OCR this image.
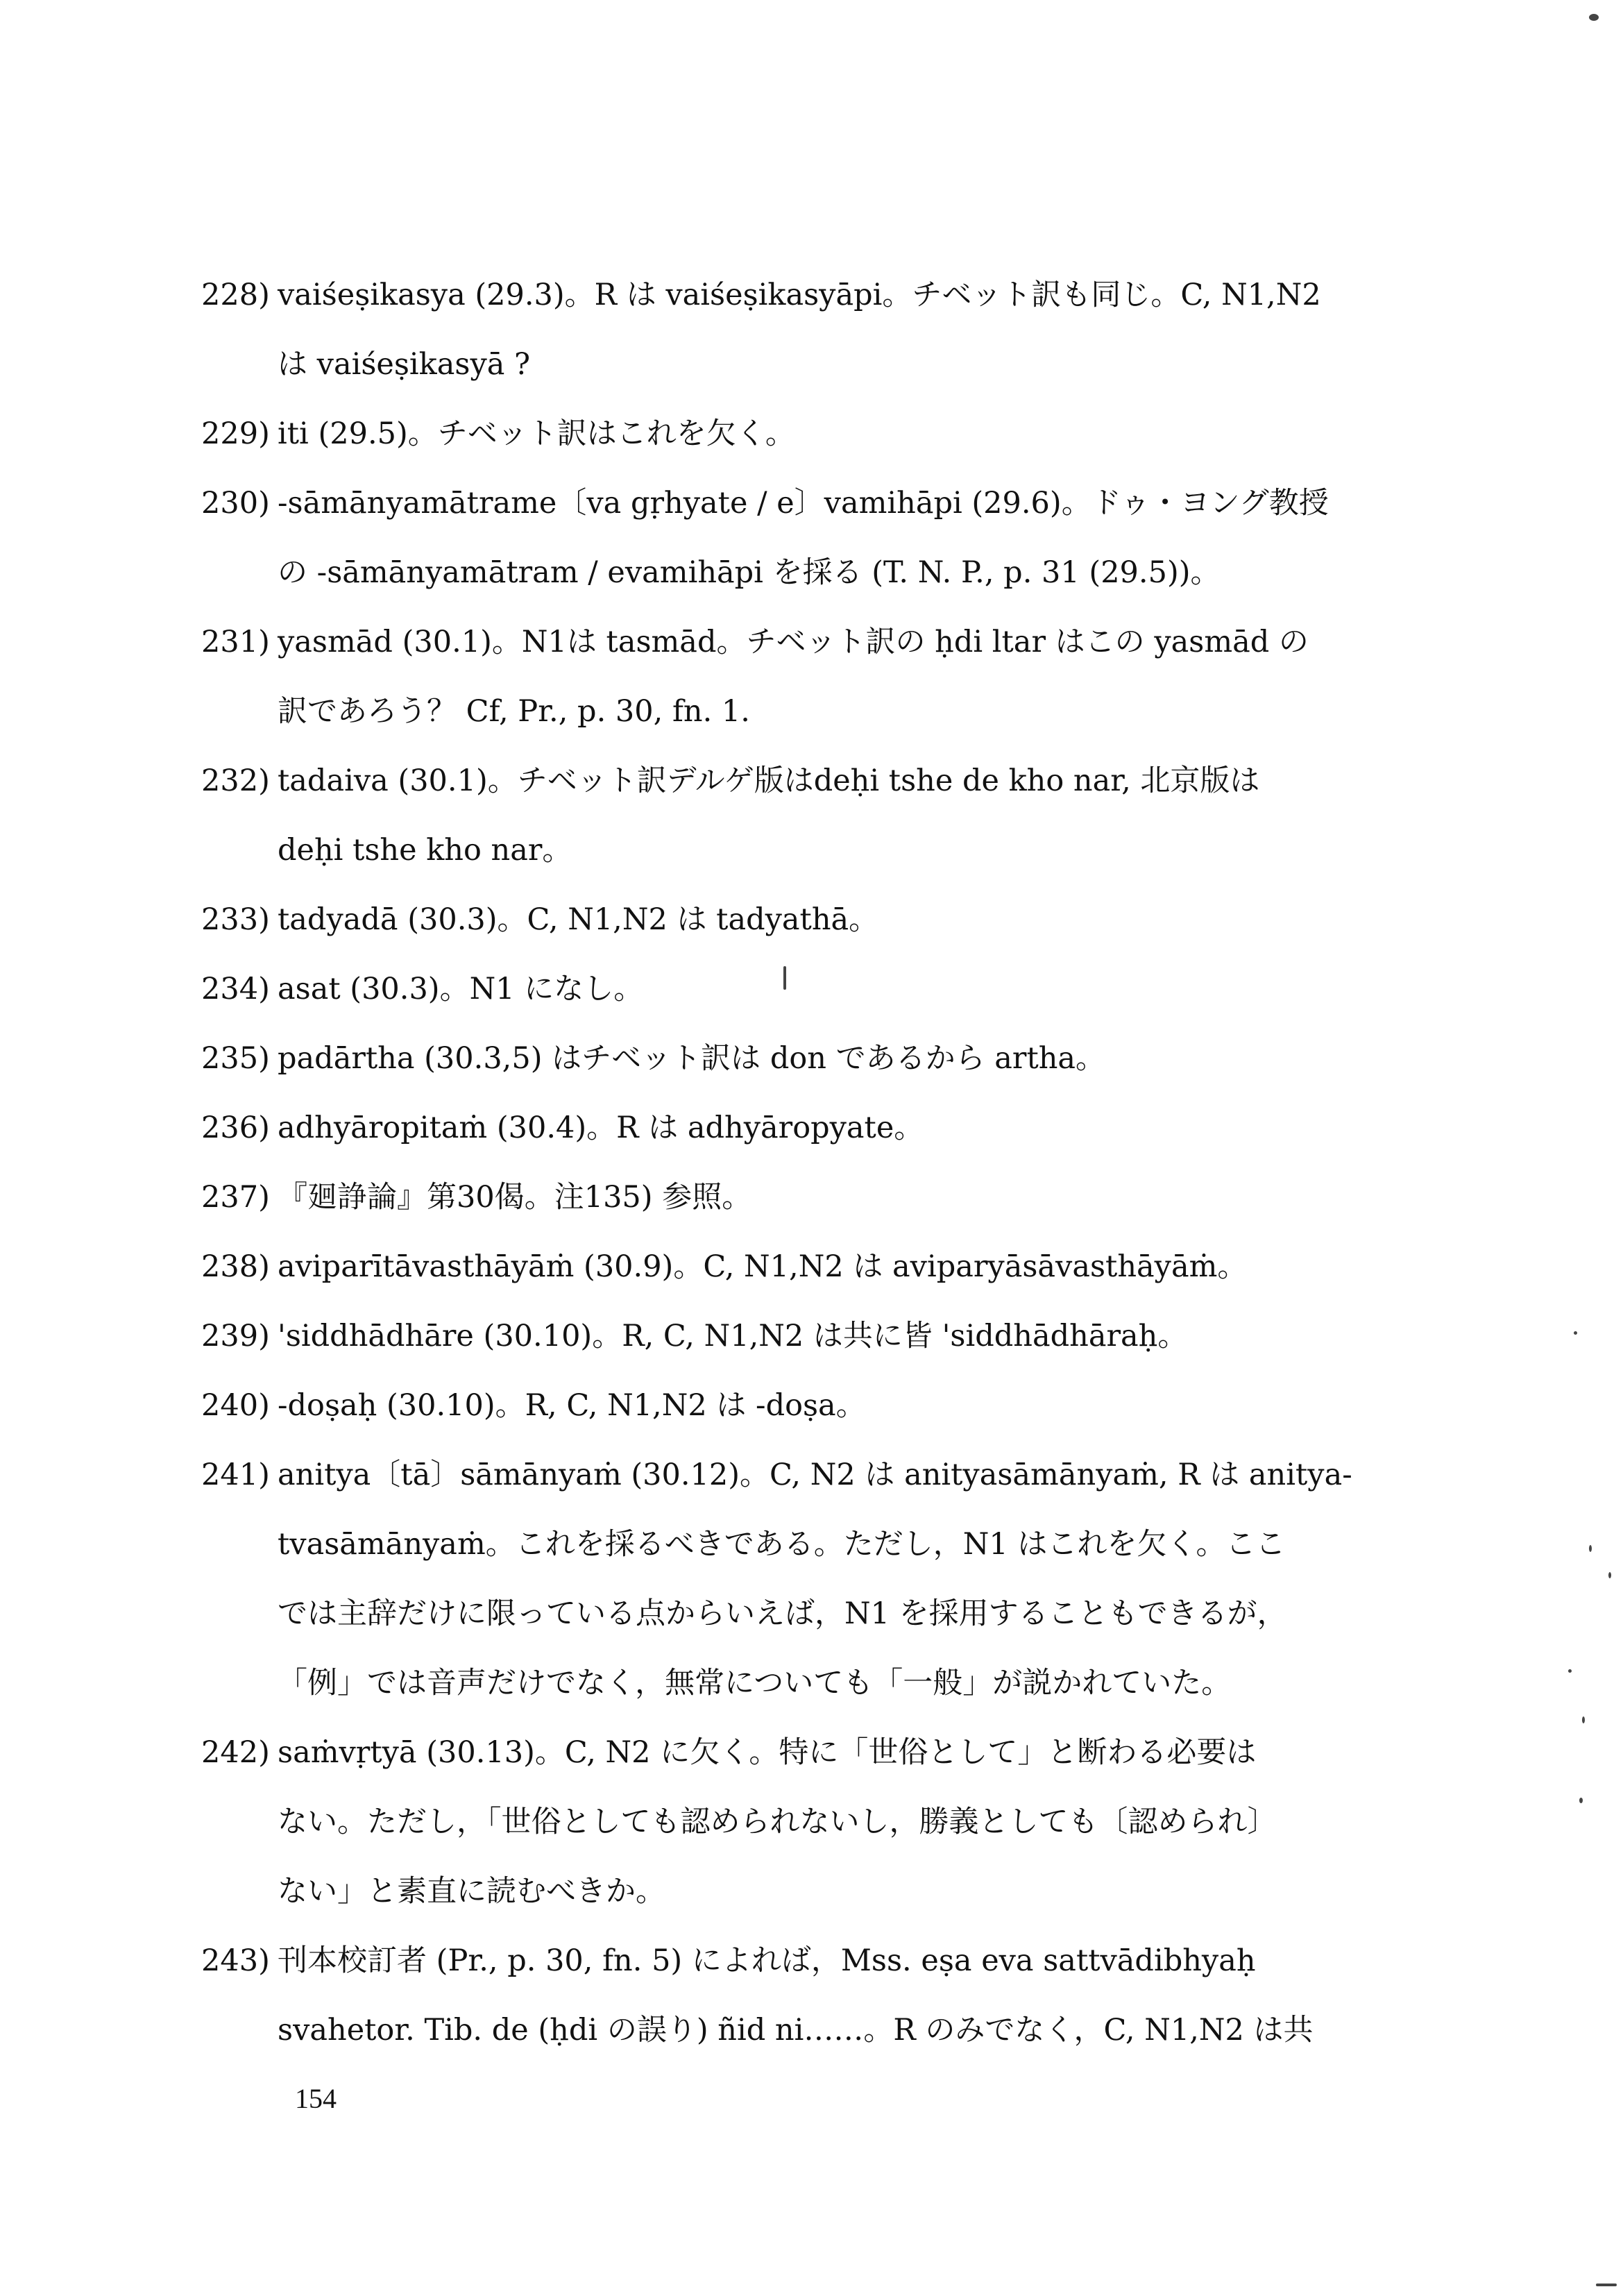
228) vaiśeṣikasya (29.3)。R は vaiśeṣikasyāpi。チベット訳も同じ。C, N1,N2
は vaiśeṣikasyā ?
229) iti (29.5)。チベット訳はこれを欠く。
230) -sāmānyamātrame〔va gṛhyate / e〕vamihāpi (29.6)。ドゥ・ヨング教授
の -sāmānyamātram / evamihāpi を採る (T. N. P., p. 31 (29.5))。
231) yasmād (30.1)。N1は tasmād。チベット訳の ḥdi ltar はこの yasmād の
訳であろう？ Cf, Pr., p. 30, fn. 1.
232) tadaiva (30.1)。チベット訳デルゲ版はdeḥi tshe de kho nar, 北京版は
deḥi tshe kho nar。
233) tadyadā (30.3)。C, N1,N2 は tadyathā。
234) asat (30.3)。N1 になし。
235) padārtha (30.3,5) はチベット訳は don であるから artha。
236) adhyāropitaṁ (30.4)。R は adhyāropyate。
237) 『廻諍論』第30偈。注135) 参照。
238) aviparītāvasthāyāṁ (30.9)。C, N1,N2 は aviparyāsāvasthāyāṁ。
239) 'siddhādhāre (30.10)。R, C, N1,N2 は共に皆 'siddhādhāraḥ。
240) -doṣaḥ (30.10)。R, C, N1,N2 は -doṣa。
241) anitya〔tā〕sāmānyaṁ (30.12)。C, N2 は anityasāmānyaṁ, R は anitya-
tvasāmānyaṁ。これを採るべきである。ただし，N1 はこれを欠く。ここ
では主辞だけに限っている点からいえば，N1 を採用することもできるが，
「例」では音声だけでなく，無常についても「一般」が説かれていた。
242) saṁvṛtyā (30.13)。C, N2 に欠く。特に「世俗として」と断わる必要は
ない。ただし，「世俗としても認められないし，勝義としても〔認められ〕
ない」と素直に読むべきか。
243) 刊本校訂者 (Pr., p. 30, fn. 5) によれば，Mss. eṣa eva sattvādibhyaḥ
svahetor. Tib. de (ḥdi の誤り) ñid ni……。R のみでなく，C, N1,N2 は共
154
